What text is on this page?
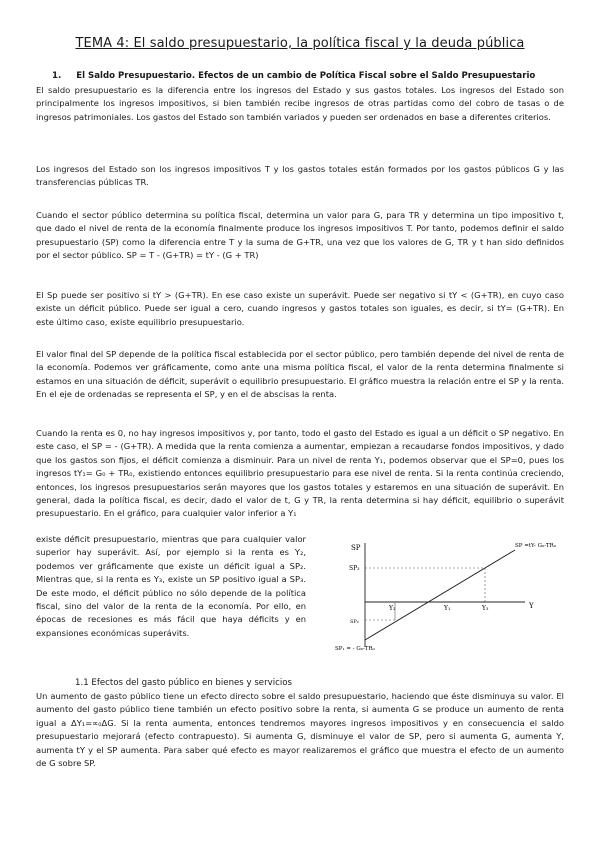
TEMA 4: El saldo presupuestario, la política fiscal y la deuda pública
1. El Saldo Presupuestario. Efectos de un cambio de Política Fiscal sobre el Saldo Presupuestario

El saldo presupuestario es la diferencia entre los ingresos del Estado y sus gastos totales. Los ingresos del Estado son principalmente los ingresos impositivos, si bien también recibe ingresos de otras partidas como del cobro de tasas o de ingresos patrimoniales. Los gastos del Estado son también variados y pueden ser ordenados en base a diferentes criterios.

Los ingresos del Estado son los ingresos impositivos T y los gastos totales están formados por los gastos públicos G y las transferencias públicas TR.

Cuando el sector público determina su política fiscal, determina un valor para G, para TR y determina un tipo impositivo t, que dado el nivel de renta de la economía finalmente produce los ingresos impositivos T. Por tanto, podemos definir el saldo presupuestario (SP) como la diferencia entre T y la suma de G+TR, una vez que los valores de G, TR y t han sido definidos por el sector público. SP = T - (G+TR) = tY - (G + TR)

El Sp puede ser positivo si tY > (G+TR). En ese caso existe un superávit. Puede ser negativo si tY < (G+TR), en cuyo caso existe un déficit público. Puede ser igual a cero, cuando ingresos y gastos totales son iguales, es decir, si tY= (G+TR). En este último caso, existe equilibrio presupuestario.

El valor final del SP depende de la política fiscal establecida por el sector público, pero también depende del nivel de renta de la economía. Podemos ver gráficamente, como ante una misma política fiscal, el valor de la renta determina finalmente si estamos en una situación de déficit, superávit o equilibrio presupuestario. El gráfico muestra la relación entre el SP y la renta. En el eje de ordenadas se representa el SP, y en el de abscisas la renta.

Cuando la renta es 0, no hay ingresos impositivos y, por tanto, todo el gasto del Estado es igual a un déficit o SP negativo. En este caso, el SP = - (G+TR). A medida que la renta comienza a aumentar, empiezan a recaudarse fondos impositivos, y dado que los gastos son fijos, el déficit comienza a disminuir. Para un nivel de renta Y₁, podemos observar que el SP=0, pues los ingresos tY₁= G₀ + TR₀, existiendo entonces equilibrio presupuestario para ese nivel de renta. Si la renta continúa creciendo, entonces, los ingresos presupuestarios serán mayores que los gastos totales y estaremos en una situación de superávit. En general, dada la política fiscal, es decir, dado el valor de t, G y TR, la renta determina si hay déficit, equilibrio o superávit presupuestario. En el gráfico, para cualquier valor inferior a Y₁

existe déficit presupuestario, mientras que para cualquier valor superior hay superávit. Así, por ejemplo si la renta es Y₂, podemos ver gráficamente que existe un déficit igual a SP₂. Mientras que, si la renta es Y₃, existe un SP positivo igual a SP₃. De este modo, el déficit público no sólo depende de la política fiscal, sino del valor de la renta de la economía. Por ello, en épocas de recesiones es más fácil que haya déficits y en expansiones económicas superávits.

SP
Y
SP =tY- G₀-TR₀
SP₃
SP₂
SP₁ = - G₀-TR₀
Y₂	Y₁	Y₃
1.1 Efectos del gasto público en bienes y servicios

Un aumento de gasto público tiene un efecto directo sobre el saldo presupuestario, haciendo que éste disminuya su valor. El aumento del gasto público tiene también un efecto positivo sobre la renta, si aumenta G se produce un aumento de renta igual a ΔY₁=∝₀ΔG. Si la renta aumenta, entonces tendremos mayores ingresos impositivos y en consecuencia el saldo presupuestario mejorará (efecto contrapuesto). Si aumenta G, disminuye el valor de SP, pero si aumenta G, aumenta Y, aumenta tY y el SP aumenta. Para saber qué efecto es mayor realizaremos el gráfico que muestra el efecto de un aumento de G sobre SP.
